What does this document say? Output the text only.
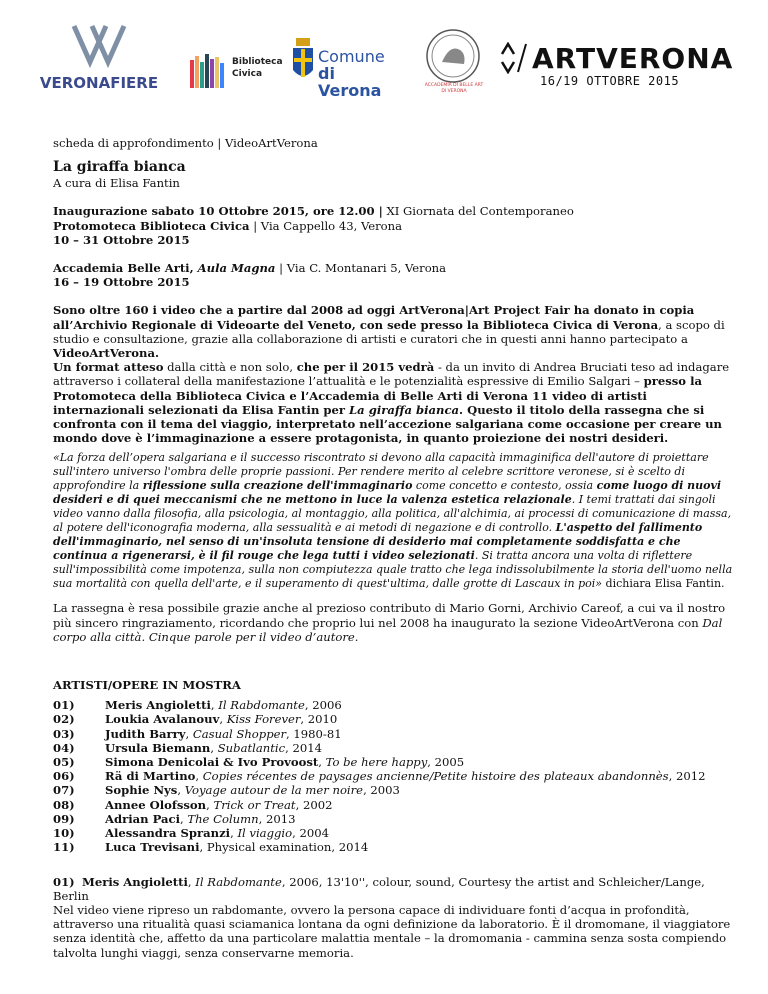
VERONAFIERE
Biblioteca
Civica
Comune
di Verona	ACCADEMIA DI BELLE ART
DI VERONA
ARTVERONA
16/19 OTTOBRE 2015

scheda di approfondimento | VideoArtVerona

La giraffa bianca

A cura di Elisa Fantin

Inaugurazione sabato 10 Ottobre 2015, ore 12.00 | XI Giornata del Contemporaneo

Protomoteca Biblioteca Civica | Via Cappello 43, Verona

10 – 31 Ottobre 2015

Accademia Belle Arti, Aula Magna | Via C. Montanari 5, Verona

16 – 19 Ottobre 2015

Sono oltre 160 i video che a partire dal 2008 ad oggi ArtVerona|Art Project Fair ha donato in copia all’Archivio Regionale di Videoarte del Veneto, con sede presso la Biblioteca Civica di Verona, a scopo di studio e consultazione, grazie alla collaborazione di artisti e curatori che in questi anni hanno partecipato a VideoArtVerona.

Un format atteso dalla città e non solo, che per il 2015 vedrà - da un invito di Andrea Bruciati teso ad indagare attraverso i collateral della manifestazione l’attualità e le potenzialità espressive di Emilio Salgari – presso la Protomoteca della Biblioteca Civica e l’Accademia di Belle Arti di Verona 11 video di artisti internazionali selezionati da Elisa Fantin per La giraffa bianca. Questo il titolo della rassegna che si confronta con il tema del viaggio, interpretato nell’accezione salgariana come occasione per creare un mondo dove è l’immaginazione a essere protagonista, in quanto proiezione dei nostri desideri.

«La forza dell’opera salgariana e il successo riscontrato si devono alla capacità immaginifica dell'autore di proiettare sull'intero universo l'ombra delle proprie passioni. Per rendere merito al celebre scrittore veronese, si è scelto di approfondire la riflessione sulla creazione dell'immaginario come concetto e contesto, ossia come luogo di nuovi desideri e di quei meccanismi che ne mettono in luce la valenza estetica relazionale. I temi trattati dai singoli video vanno dalla filosofia, alla psicologia, al montaggio, alla politica, all'alchimia, ai processi di comunicazione di massa, al potere dell'iconografia moderna, alla sessualità e ai metodi di negazione e di controllo. L'aspetto del fallimento dell'immaginario, nel senso di un'insoluta tensione di desiderio mai completamente soddisfatta e che continua a rigenerarsi, è il fil rouge che lega tutti i video selezionati. Si tratta ancora una volta di riflettere sull'impossibilità come impotenza, sulla non compiutezza quale tratto che lega indissolubilmente la storia dell'uomo nella sua mortalità con quella dell'arte, e il superamento di quest'ultima, dalle grotte di Lascaux in poi» dichiara Elisa Fantin.

La rassegna è resa possibile grazie anche al prezioso contributo di Mario Gorni, Archivio Careof, a cui va il nostro più sincero ringraziamento, ricordando che proprio lui nel 2008 ha inaugurato la sezione VideoArtVerona con Dal corpo alla città. Cinque parole per il video d’autore.

ARTISTI/OPERE IN MOSTRA

01)	Meris Angioletti, Il Rabdomante, 2006
02)	Loukia Avalanouv, Kiss Forever, 2010
03)	Judith Barry, Casual Shopper, 1980-81
04)	Ursula Biemann, Subatlantic, 2014
05)	Simona Denicolai & Ivo Provoost, To be here happy, 2005
06)	Rä di Martino, Copies récentes de paysages ancienne/Petite histoire des plateaux abandonnès, 2012
07)	Sophie Nys, Voyage autour de la mer noire, 2003
08)	Annee Olofsson, Trick or Treat, 2002
09)	Adrian Paci, The Column, 2013
10)	Alessandra Spranzi, Il viaggio, 2004
11)	Luca Trevisani, Physical examination, 2014

01) Meris Angioletti, Il Rabdomante, 2006, 13'10'', colour, sound, Courtesy the artist and Schleicher/Lange, Berlin

Nel video viene ripreso un rabdomante, ovvero la persona capace di individuare fonti d’acqua in profondità, attraverso una ritualità quasi sciamanica lontana da ogni definizione da laboratorio. È il dromomane, il viaggiatore senza identità che, affetto da una particolare malattia mentale – la dromomania - cammina senza sosta compiendo talvolta lunghi viaggi, senza conservarne memoria.
